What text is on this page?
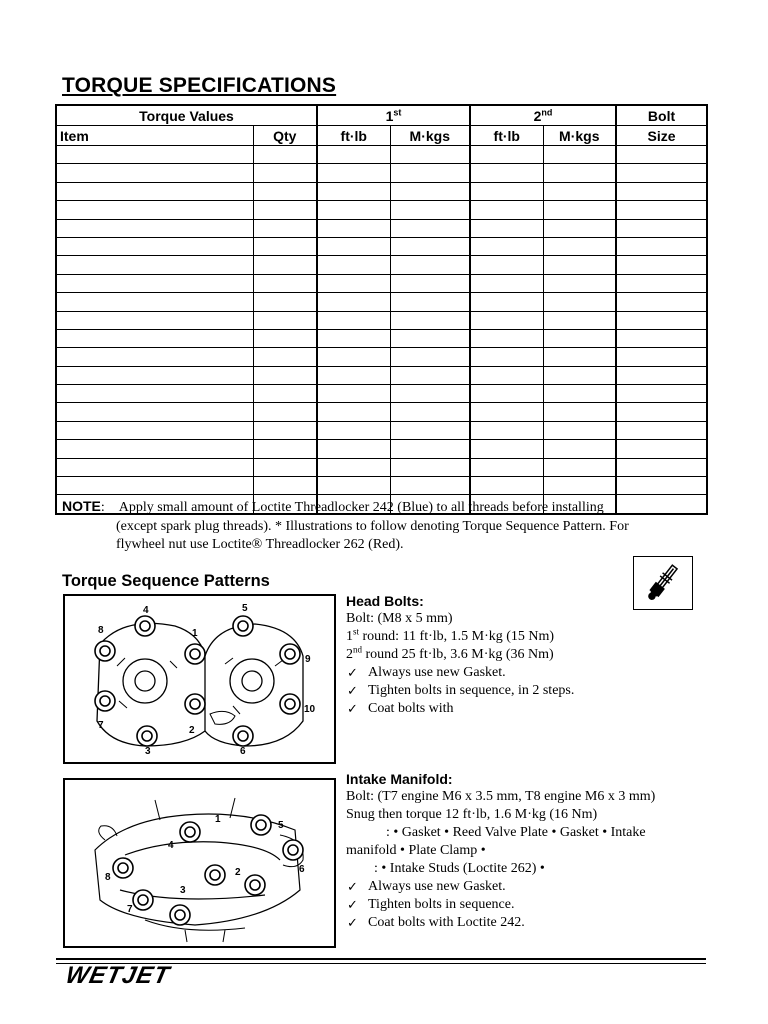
TORQUE SPECIFICATIONS
Torque Values		1st		2nd		Bolt
Item	Qty	ft·lb	M·kgs	ft·lb	M·kgs	Size

NOTE:    Apply small amount of Loctite Threadlocker 242 (Blue) to all threads before installing
(except spark plug threads). * Illustrations to follow denoting Torque Sequence Pattern. For
flywheel nut use Loctite® Threadlocker 262 (Red).
Torque Sequence Patterns
4	5
8	1
9
7	2
10
3	6
Head Bolts:
Bolt: (M8 x 5 mm)
1st round: 11 ft·lb, 1.5 M·kg (15 Nm)
2nd round 25 ft·lb, 3.6 M·kg (36 Nm)
✓ Always use new Gasket.
✓ Tighten bolts in sequence, in 2 steps.
✓ Coat bolts with
1
5
4
6
2
8
3
7
Intake Manifold:
Bolt: (T7 engine M6 x 3.5 mm, T8 engine M6 x 3 mm)
Snug then torque 12 ft·lb, 1.6 M·kg (16 Nm)
: • Gasket • Reed Valve Plate • Gasket • Intake
manifold • Plate Clamp •
: • Intake Studs (Loctite 262) •
✓ Always use new Gasket.
✓ Tighten bolts in sequence.
✓ Coat bolts with Loctite 242.
WETJET
